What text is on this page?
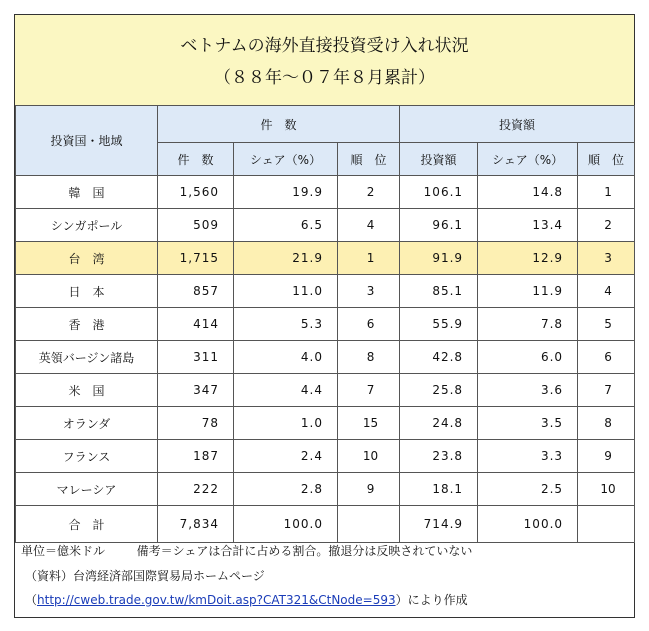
ベトナムの海外直接投資受け入れ状況
（８８年〜０７年８月累計）
投資国・地域	件　数			投資額		
	件　数	シェア（%）	順　位	投資額	シェア（%）	順　位
韓　国	1,560	19.9	2	106.1	14.8	1
シンガポール	509	6.5	4	96.1	13.4	2
台　湾	1,715	21.9	1	91.9	12.9	3
日　本	857	11.0	3	85.1	11.9	4
香　港	414	5.3	6	55.9	7.8	5
英領バージン諸島	311	4.0	8	42.8	6.0	6
米　国	347	4.4	7	25.8	3.6	7
オランダ	78	1.0	15	24.8	3.5	8
フランス	187	2.4	10	23.8	3.3	9
マレーシア	222	2.8	9	18.1	2.5	10
合　計	7,834	100.0		714.9	100.0	
単位＝億米ドル	備考＝シェアは合計に占める割合。撤退分は反映されていない
（資料）台湾経済部国際貿易局ホームページ
（http://cweb.trade.gov.tw/kmDoit.asp?CAT321&CtNode=593）により作成
